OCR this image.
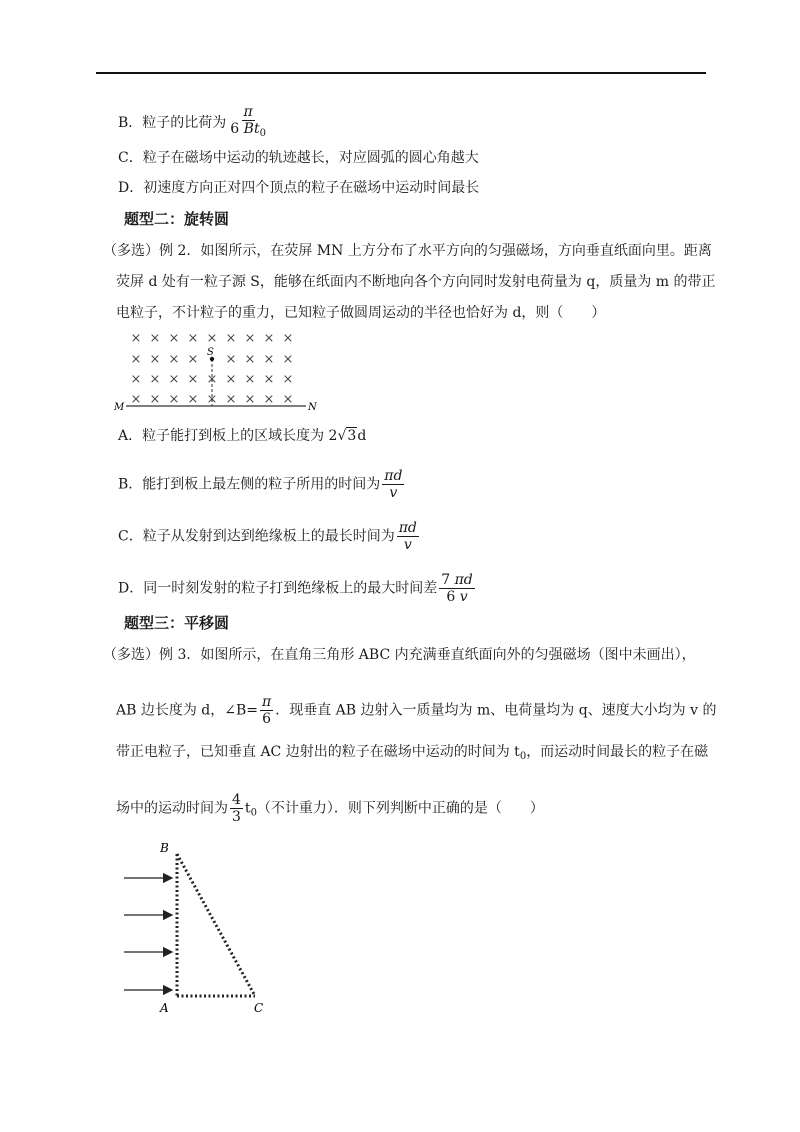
B．粒子的比荷为 $\frac{\pi}{6 Bt_0}$
C．粒子在磁场中运动的轨迹越长，对应圆弧的圆心角越大
D．初速度方向正对四个顶点的粒子在磁场中运动时间最长
题型二：旋转圆
（多选）例 2．如图所示，在荧屏 MN 上方分布了水平方向的匀强磁场，方向垂直纸面向里。距离
荧屏 d 处有一粒子源 S，能够在纸面内不断地向各个方向同时发射电荷量为 q，质量为 m 的带正
电粒子，不计粒子的重力，已知粒子做圆周运动的半径也恰好为 d，则（　　）
× × × × × × × × ×
× × × × × × × ×
× × × × × × × × ×
× × × × × × × × ×
S
M	N
A．粒子能打到板上的区域长度为 2√3d
B．能打到板上最左侧的粒子所用的时间为 $\frac{\pi d}{v}$
C．粒子从发射到达到绝缘板上的最长时间为 $\frac{\pi d}{v}$
D．同一时刻发射的粒子打到绝缘板上的最大时间差 $\frac{7 \pi d}{6 v}$
题型三：平移圆
（多选）例 3．如图所示，在直角三角形 ABC 内充满垂直纸面向外的匀强磁场（图中未画出），
AB 边长度为 d，∠B= $\frac{\pi}{6}$ ．现垂直 AB 边射入一质量均为 m、电荷量均为 q、速度大小均为 v 的
带正电粒子，已知垂直 AC 边射出的粒子在磁场中运动的时间为 $t_0$，而运动时间最长的粒子在磁
场中的运动时间为 $\frac{4}{3} t_0$（不计重力）．则下列判断中正确的是（　　）
B
A	C
